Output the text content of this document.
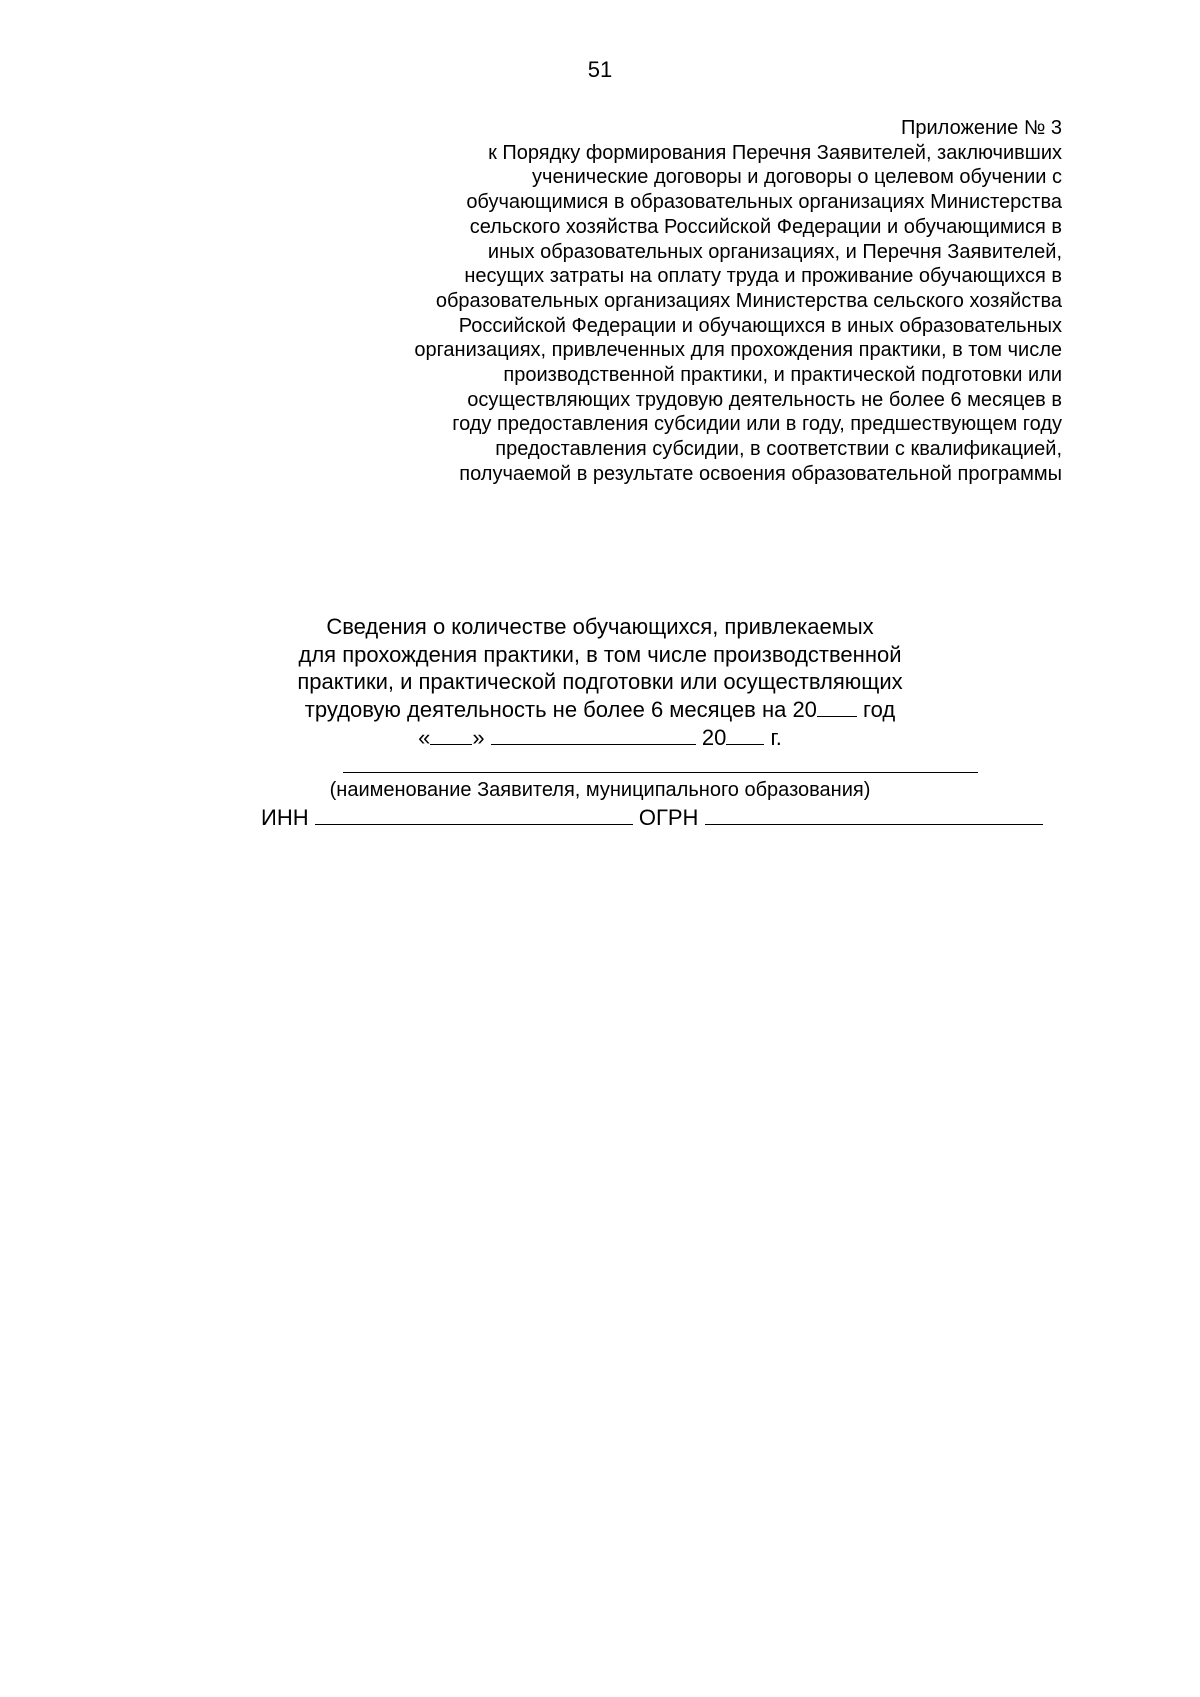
51
Приложение № 3
к Порядку формирования Перечня Заявителей, заключивших
ученические договоры и договоры о целевом обучении с
обучающимися в образовательных организациях Министерства
сельского хозяйства Российской Федерации и обучающимися в
иных образовательных организациях, и Перечня Заявителей,
несущих затраты на оплату труда и проживание обучающихся в
образовательных организациях Министерства сельского хозяйства
Российской Федерации и обучающихся в иных образовательных
организациях, привлеченных для прохождения практики, в том числе
производственной практики, и практической подготовки или
осуществляющих трудовую деятельность не более 6 месяцев в
году предоставления субсидии или в году, предшествующем году
предоставления субсидии, в соответствии с квалификацией,
получаемой в результате освоения образовательной программы
Сведения о количестве обучающихся, привлекаемых
для прохождения практики, в том числе производственной
практики, и практической подготовки или осуществляющих
трудовую деятельность не более 6 месяцев на 20 год
« »	20 г.
(наименование Заявителя, муниципального образования)
ИНН	ОГРН
